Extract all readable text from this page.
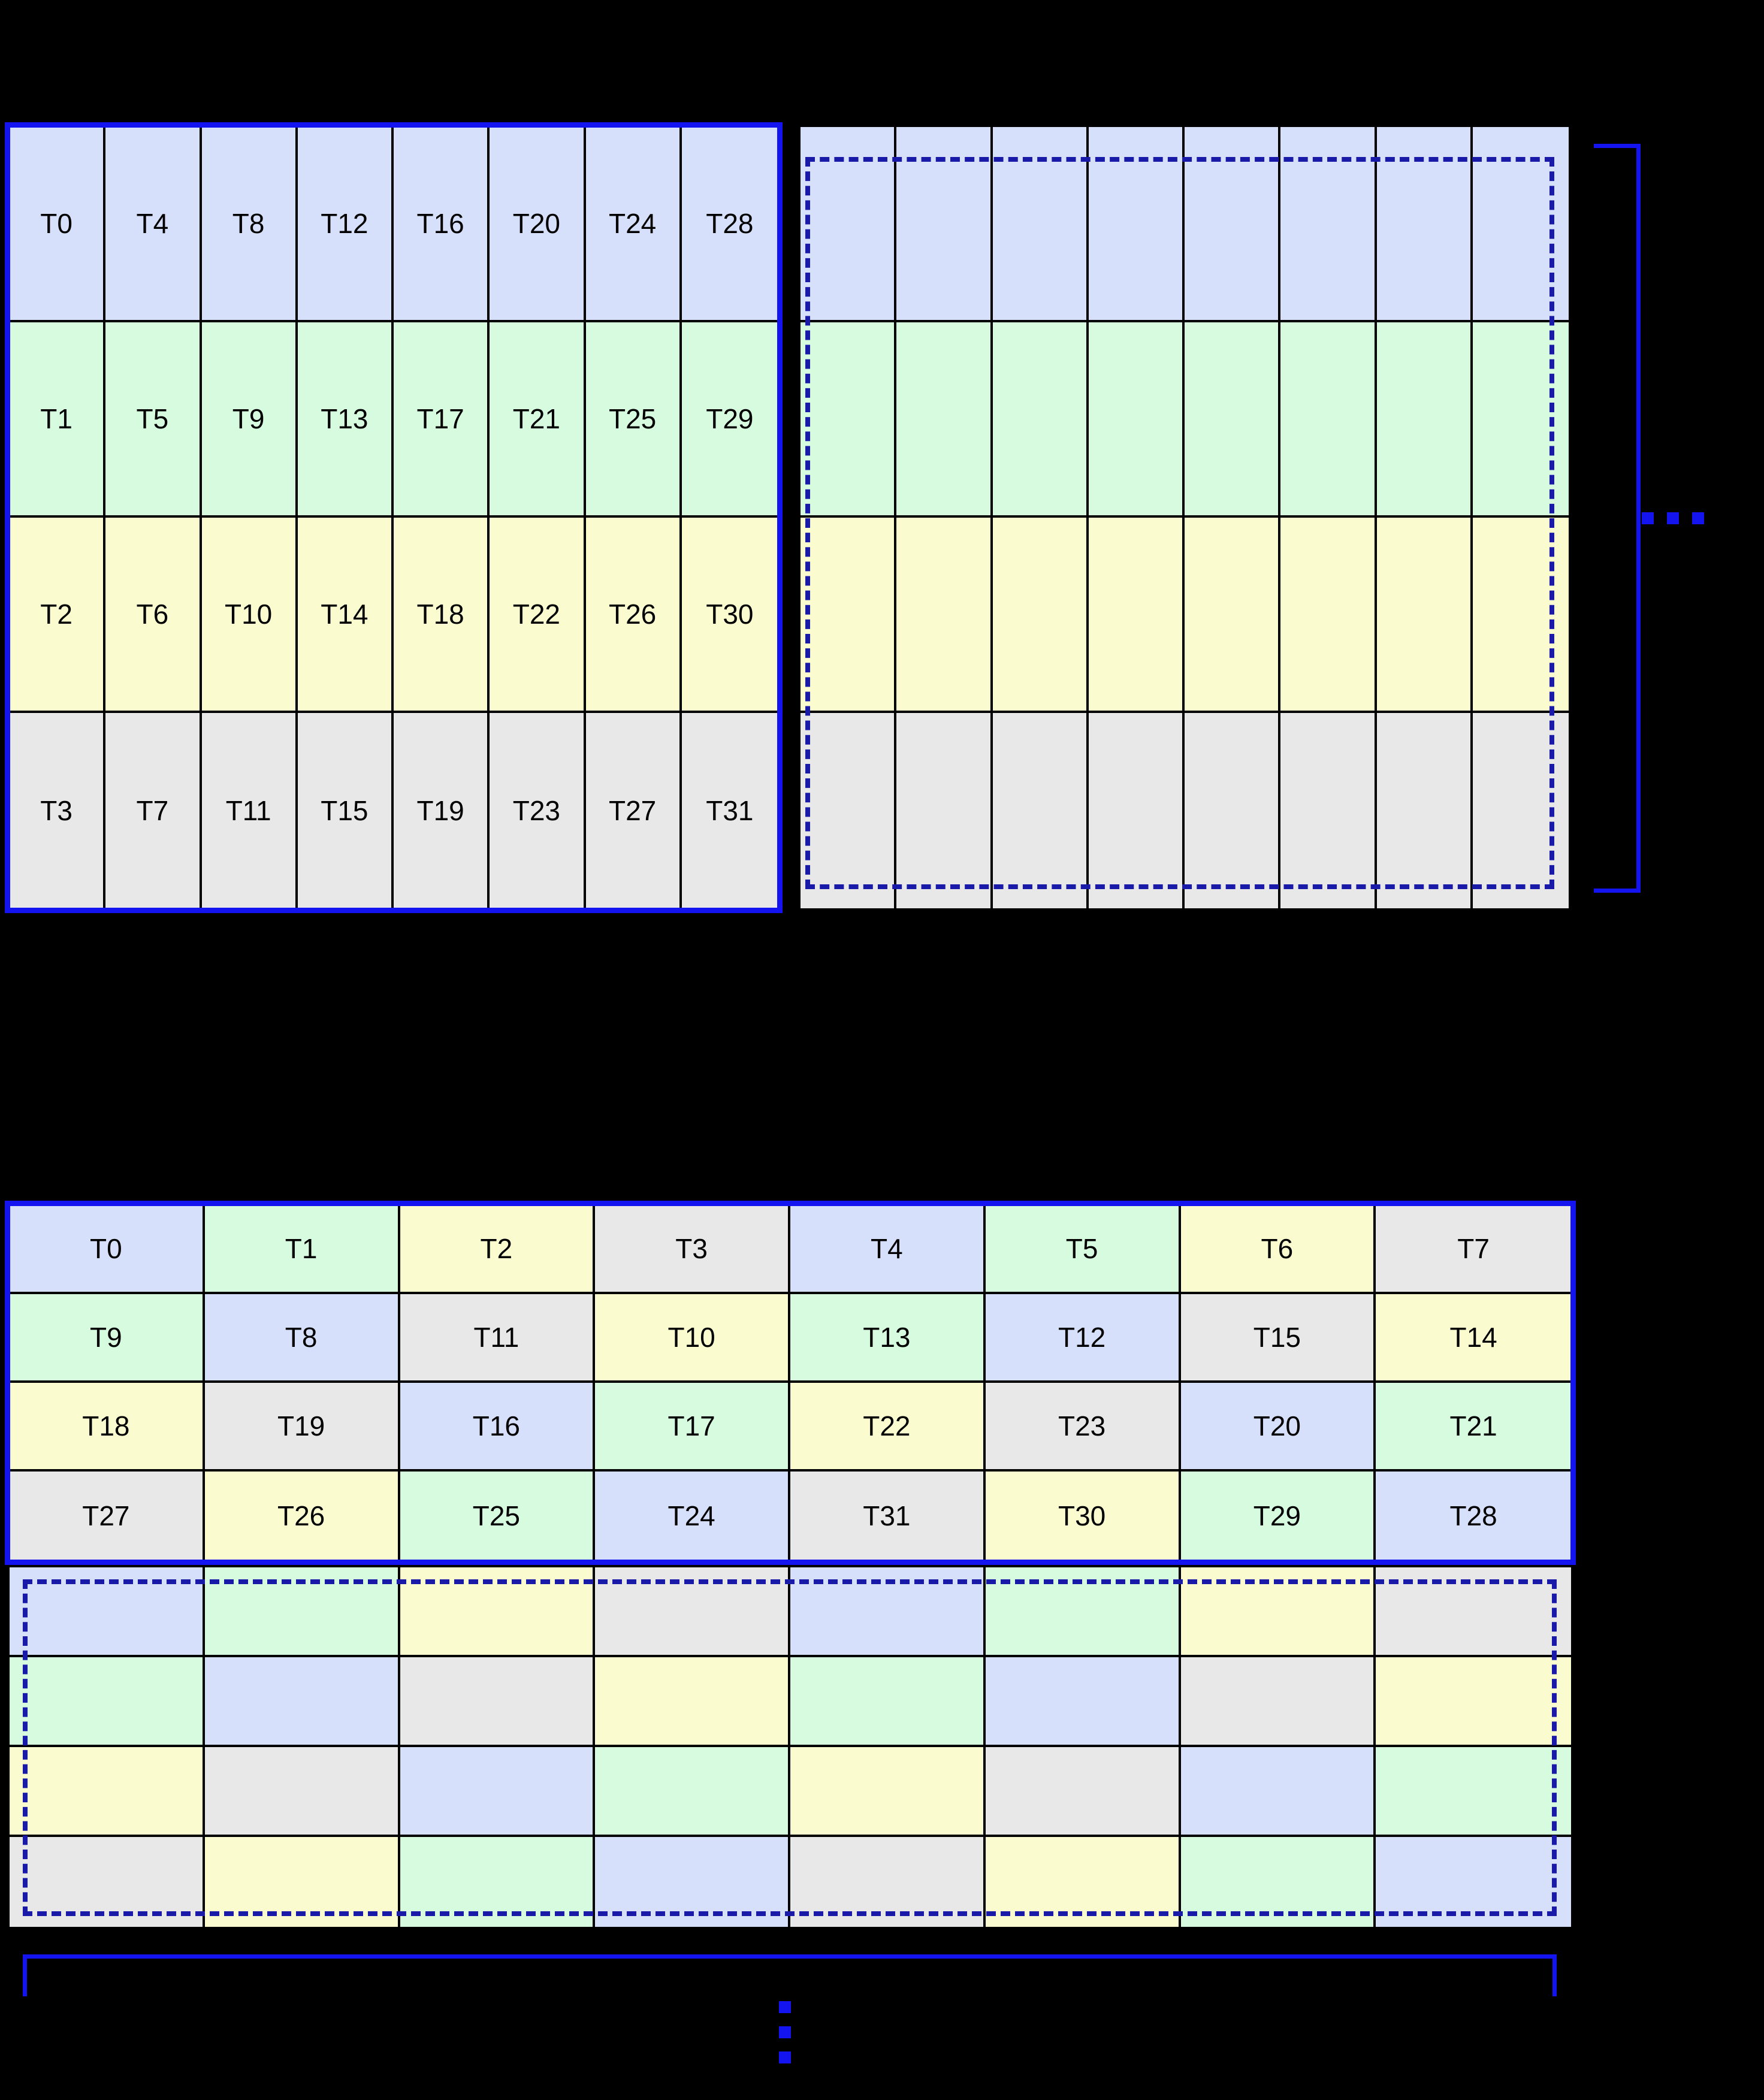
T0	T4	T8	T12	T16	T20	T24	T28
T1	T5	T9	T13	T17	T21	T25	T29
T2	T6	T10	T14	T18	T22	T26	T30
T3	T7	T11	T15	T19	T23	T27	T31
T0	T1	T2	T3	T4	T5	T6	T7
T9	T8	T11	T10	T13	T12	T15	T14
T18	T19	T16	T17	T22	T23	T20	T21
T27	T26	T25	T24	T31	T30	T29	T28
